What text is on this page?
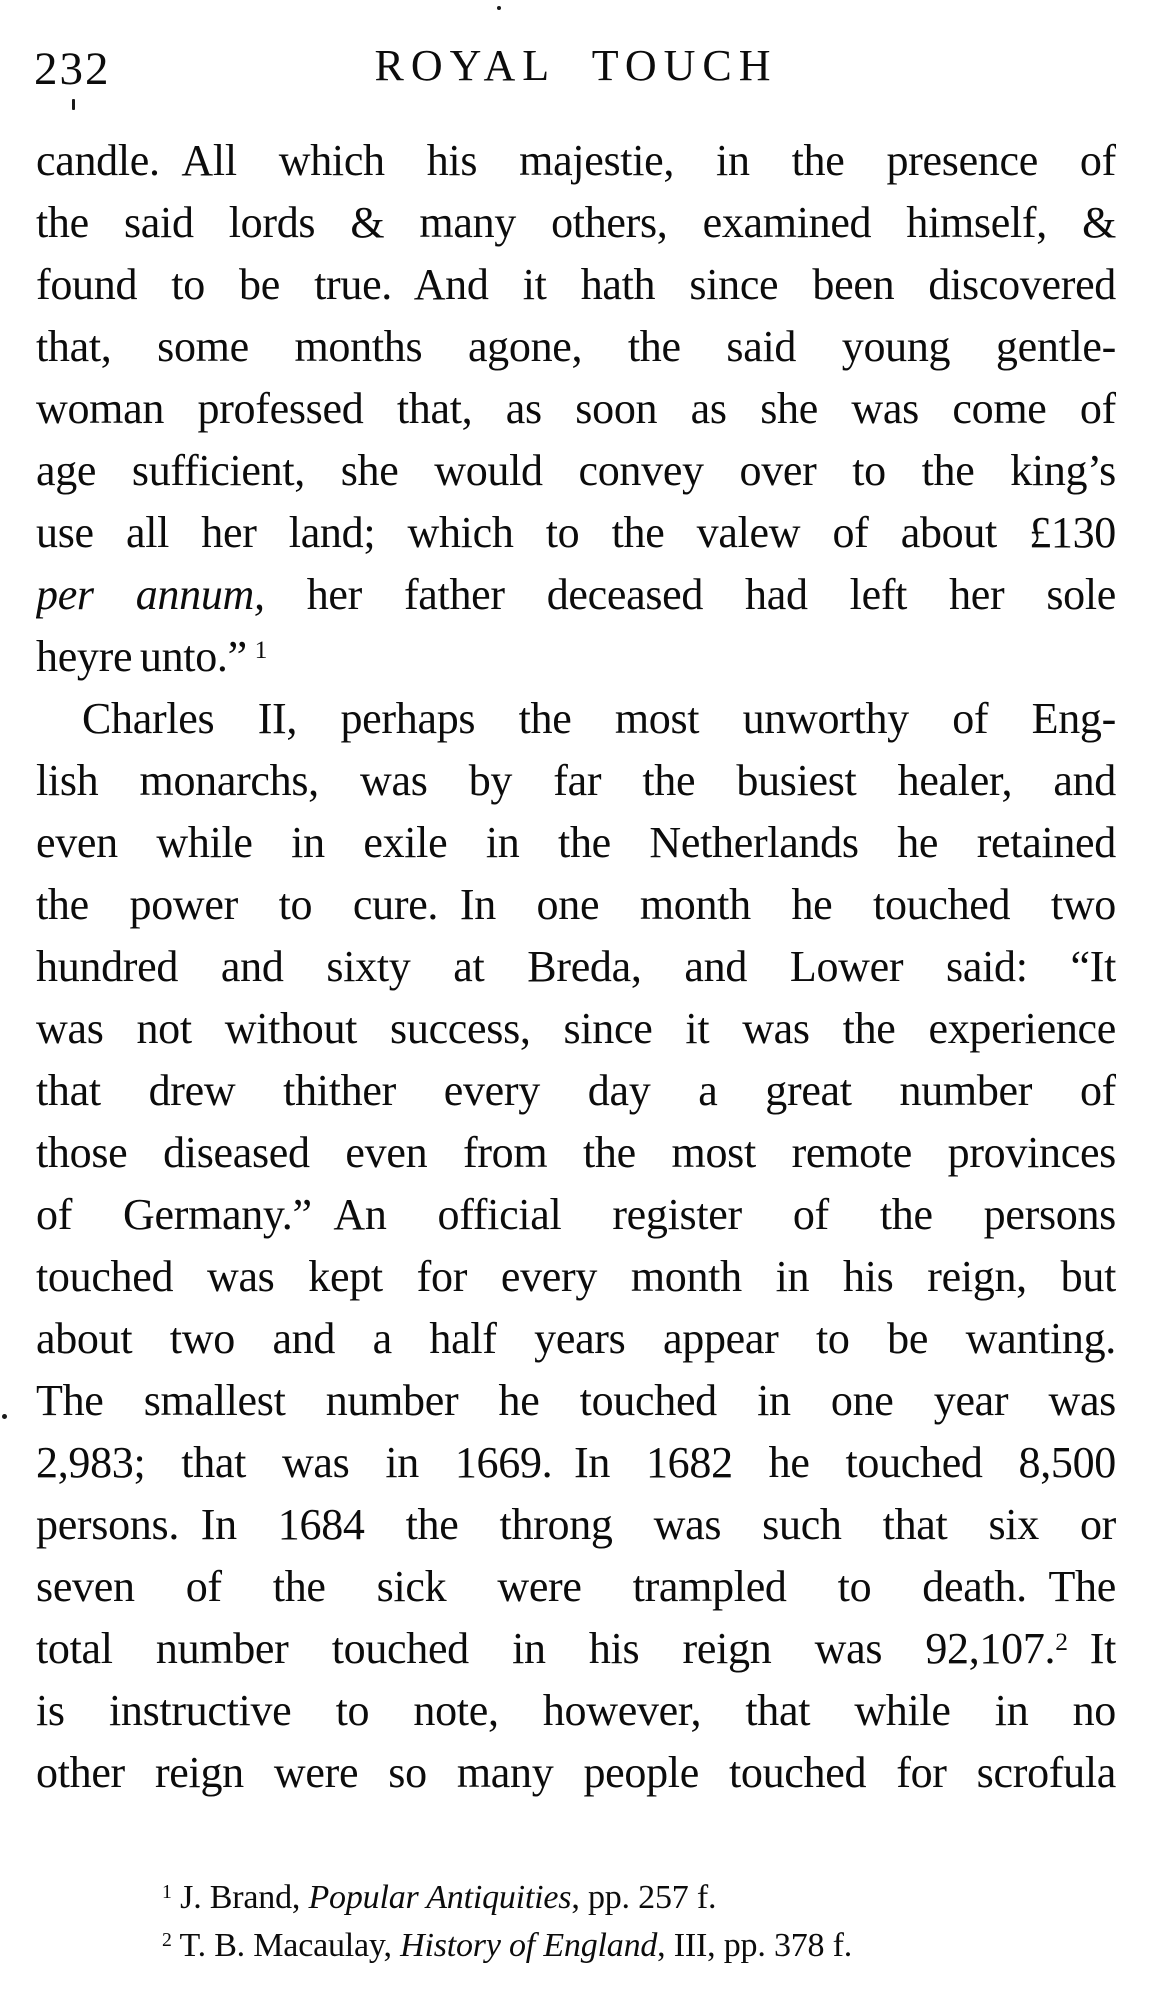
232	ROYAL TOUCH
candle. All which his majestie, in the presence of
the said lords & many others, examined himself, &
found to be true. And it hath since been discovered
that, some months agone, the said young gentle-
woman professed that, as soon as she was come of
age sufficient, she would convey over to the king’s
use all her land; which to the valew of about £130
per annum, her father deceased had left her sole
heyre unto.” $^1$
Charles II, perhaps the most unworthy of Eng-
lish monarchs, was by far the busiest healer, and
even while in exile in the Netherlands he retained
the power to cure. In one month he touched two
hundred and sixty at Breda, and Lower said: “It
was not without success, since it was the experience
that drew thither every day a great number of
those diseased even from the most remote provinces
of Germany.” An official register of the persons
touched was kept for every month in his reign, but
about two and a half years appear to be wanting.
The smallest number he touched in one year was
2,983; that was in 1669. In 1682 he touched 8,500
persons. In 1684 the throng was such that six or
seven of the sick were trampled to death. The
total number touched in his reign was 92,107.$^2$ It
is instructive to note, however, that while in no
other reign were so many people touched for scrofula
$^1$ J. Brand, Popular Antiquities, pp. 257 f.
$^2$ T. B. Macaulay, History of England, III, pp. 378 f.
